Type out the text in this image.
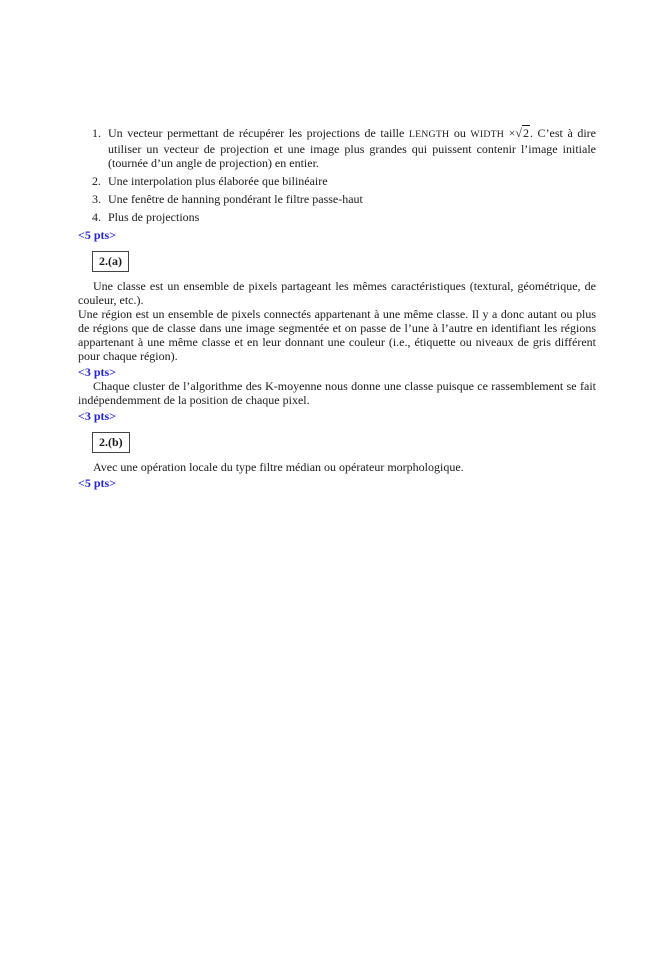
1. Un vecteur permettant de récupérer les projections de taille LENGTH ou WIDTH ×√2. C’est à dire utiliser un vecteur de projection et une image plus grandes qui puissent contenir l’image initiale (tournée d’un angle de projection) en entier.
2. Une interpolation plus élaborée que bilinéaire
3. Une fenêtre de hanning pondérant le filtre passe-haut
4. Plus de projections
<5 pts>
2.(a)
Une classe est un ensemble de pixels partageant les mêmes caractéristiques (textural, géométrique, de couleur, etc.).
Une région est un ensemble de pixels connectés appartenant à une même classe. Il y a donc autant ou plus de régions que de classe dans une image segmentée et on passe de l’une à l’autre en identifiant les régions appartenant à une même classe et en leur donnant une couleur (i.e., étiquette ou niveaux de gris différent pour chaque région).
<3 pts>
Chaque cluster de l’algorithme des K-moyenne nous donne une classe puisque ce rassemblement se fait indépendemment de la position de chaque pixel.
<3 pts>
2.(b)
Avec une opération locale du type filtre médian ou opérateur morphologique.
<5 pts>
